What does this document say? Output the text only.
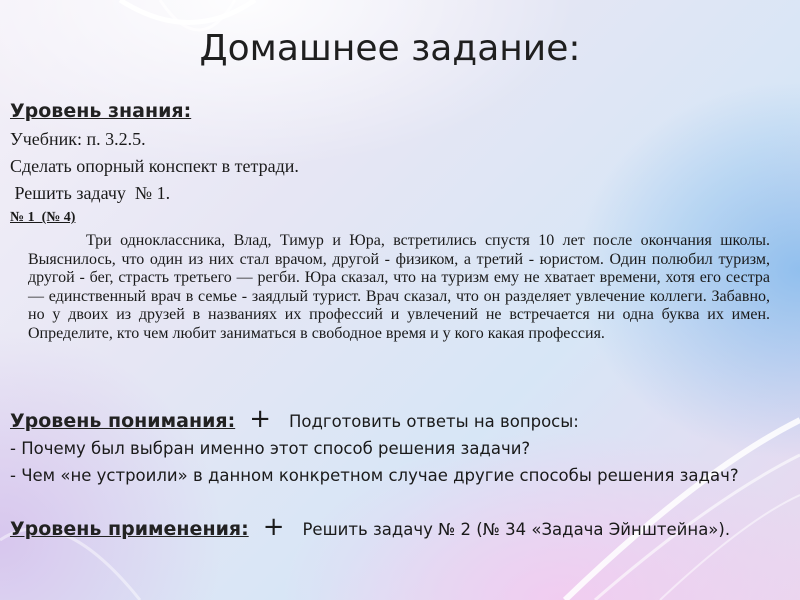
Домашнее задание:
Уровень знания:
Учебник: п. 3.2.5.
Сделать опорный конспект в тетради.
Решить задачу  № 1.
№ 1  (№ 4)

Три одноклассника, Влад, Тимур и Юра, встретились спустя 10 лет после окончания школы. Выяснилось, что один из них стал врачом, другой - физиком, а третий - юристом. Один полюбил туризм, другой - бег, страсть третьего — регби. Юра сказал, что на туризм ему не хватает времени, хотя его сестра — единственный врач в семье - заядлый турист. Врач сказал, что он разделяет увлечение коллеги. Забавно, но у двоих из друзей в названиях их профессий и увлечений не встречается ни одна буква их имен. Определите, кто чем любит заниматься в свободное время и у кого какая профессия.

Уровень понимания: + Подготовить ответы на вопросы:
- Почему был выбран именно этот способ решения задачи?
- Чем «не устроили» в данном конкретном случае другие способы решения задач?
Уровень применения: + Решить задачу № 2 (№ 34 «Задача Эйнштейна»).
